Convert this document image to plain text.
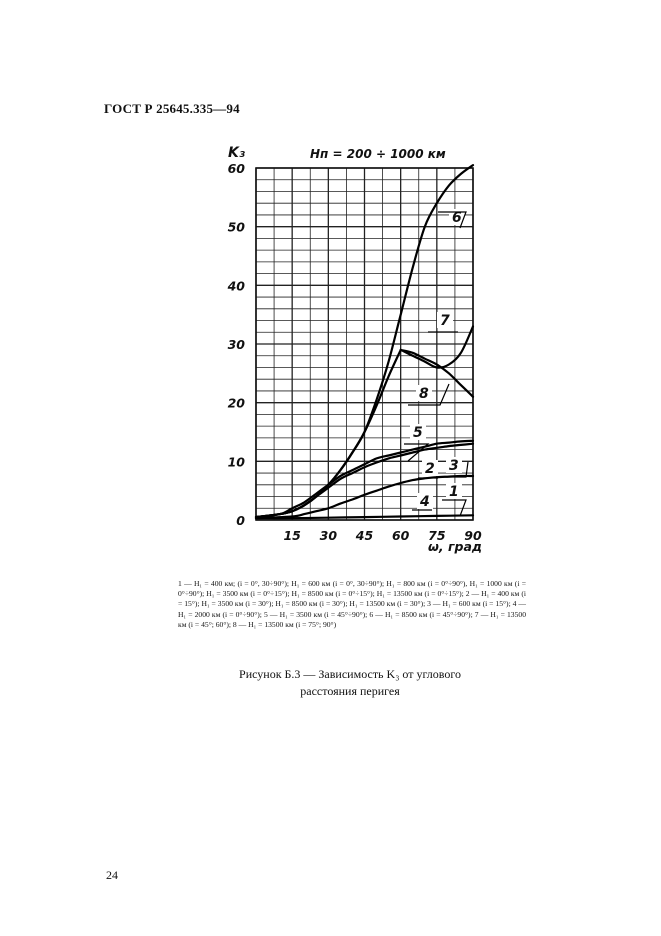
ГОСТ Р 25645.335—94
1
2 3
4
5
6
7
8
0
10
20
30
40
50
60
15 30 45 60 75 90
K₃	Hп = 200 ÷ 1000 км
ω, град
1 — H₁ = 400 км; (i = 0°, 30÷90°); H₁ = 600 км (i = 0°, 30÷90°); H₁ = 800 км (i = 0°÷90°), H₁ = 1000 км (i = 0°÷90°); H₁ = 3500 км (i = 0°÷15°); H₁ = 8500 км (i = 0°÷15°); H₁ = 13500 км (i = 0°÷15°); 2 — H₁ = 400 км (i = 15°); H₁ = 3500 км (i = 30°); H₁ = 8500 км (i = 30°); H₁ = 13500 км (i = 30°); 3 — H₁ = 600 км (i = 15°); 4 — H₁ = 2000 км (i = 0°÷90°); 5 — H₁ = 3500 км (i = 45°÷90°); 6 — H₁ = 8500 км (i = 45°÷90°); 7 — H₁ = 13500 км (i = 45°; 60°); 8 — H₁ = 13500 км (i = 75°; 90°)
Рисунок Б.3 — Зависимость K₃ от углового
расстояния перигея
24
